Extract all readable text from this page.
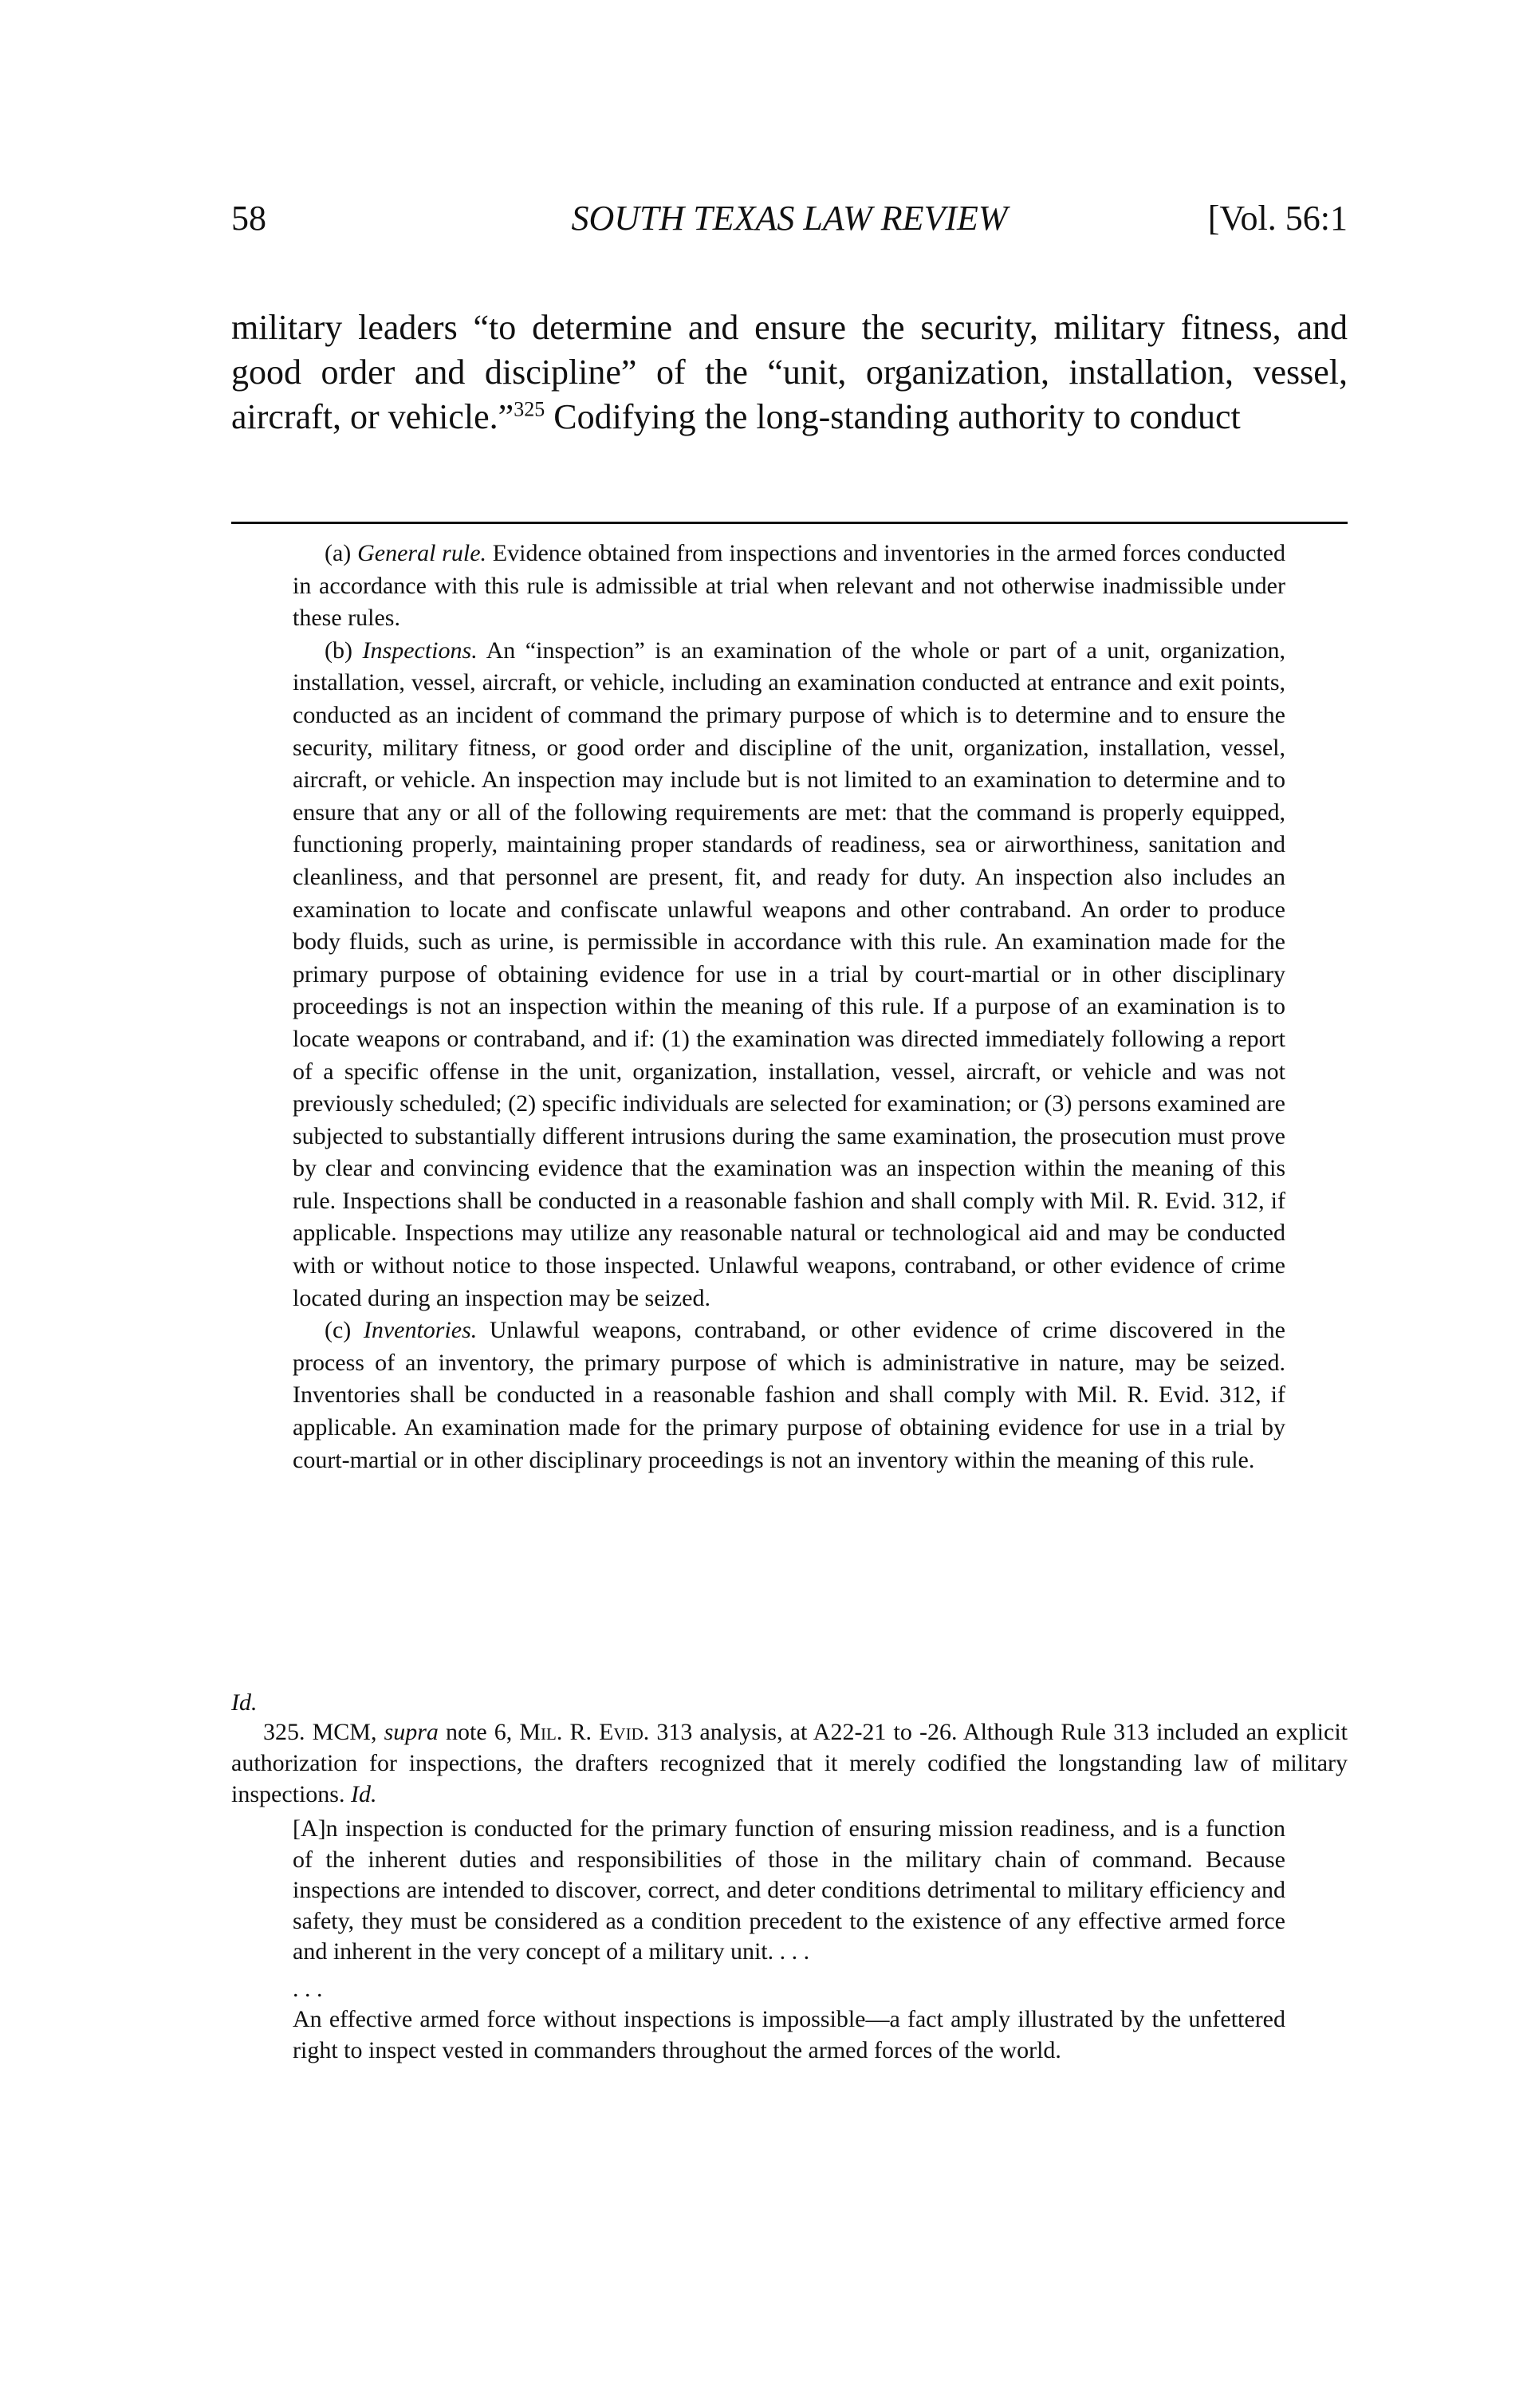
58	SOUTH TEXAS LAW REVIEW	[Vol. 56:1

military leaders “to determine and ensure the security, military fitness, and good order and discipline” of the “unit, organization, installation, vessel, aircraft, or vehicle.”$^{325}$ Codifying the long-standing authority to conduct

(a) General rule. Evidence obtained from inspections and inventories in the armed forces conducted in accordance with this rule is admissible at trial when relevant and not otherwise inadmissible under these rules.

(b) Inspections. An “inspection” is an examination of the whole or part of a unit, organization, installation, vessel, aircraft, or vehicle, including an examination conducted at entrance and exit points, conducted as an incident of command the primary purpose of which is to determine and to ensure the security, military fitness, or good order and discipline of the unit, organization, installation, vessel, aircraft, or vehicle. An inspection may include but is not limited to an examination to determine and to ensure that any or all of the following requirements are met: that the command is properly equipped, functioning properly, maintaining proper standards of readiness, sea or airworthiness, sanitation and cleanliness, and that personnel are present, fit, and ready for duty. An inspection also includes an examination to locate and confiscate unlawful weapons and other contraband. An order to produce body fluids, such as urine, is permissible in accordance with this rule. An examination made for the primary purpose of obtaining evidence for use in a trial by court-martial or in other disciplinary proceedings is not an inspection within the meaning of this rule. If a purpose of an examination is to locate weapons or contraband, and if: (1) the examination was directed immediately following a report of a specific offense in the unit, organization, installation, vessel, aircraft, or vehicle and was not previously scheduled; (2) specific individuals are selected for examination; or (3) persons examined are subjected to substantially different intrusions during the same examination, the prosecution must prove by clear and convincing evidence that the examination was an inspection within the meaning of this rule. Inspections shall be conducted in a reasonable fashion and shall comply with Mil. R. Evid. 312, if applicable. Inspections may utilize any reasonable natural or technological aid and may be conducted with or without notice to those inspected. Unlawful weapons, contraband, or other evidence of crime located during an inspection may be seized.

(c) Inventories. Unlawful weapons, contraband, or other evidence of crime discovered in the process of an inventory, the primary purpose of which is administrative in nature, may be seized. Inventories shall be conducted in a reasonable fashion and shall comply with Mil. R. Evid. 312, if applicable. An examination made for the primary purpose of obtaining evidence for use in a trial by court-martial or in other disciplinary proceedings is not an inventory within the meaning of this rule.

Id.

325. MCM, supra note 6, Mil. R. Evid. 313 analysis, at A22-21 to -26. Although Rule 313 included an explicit authorization for inspections, the drafters recognized that it merely codified the longstanding law of military inspections. Id.

[A]n inspection is conducted for the primary function of ensuring mission readiness, and is a function of the inherent duties and responsibilities of those in the military chain of command. Because inspections are intended to discover, correct, and deter conditions detrimental to military efficiency and safety, they must be considered as a condition precedent to the existence of any effective armed force and inherent in the very concept of a military unit. . . .

. . .

An effective armed force without inspections is impossible—a fact amply illustrated by the unfettered right to inspect vested in commanders throughout the armed forces of the world.
